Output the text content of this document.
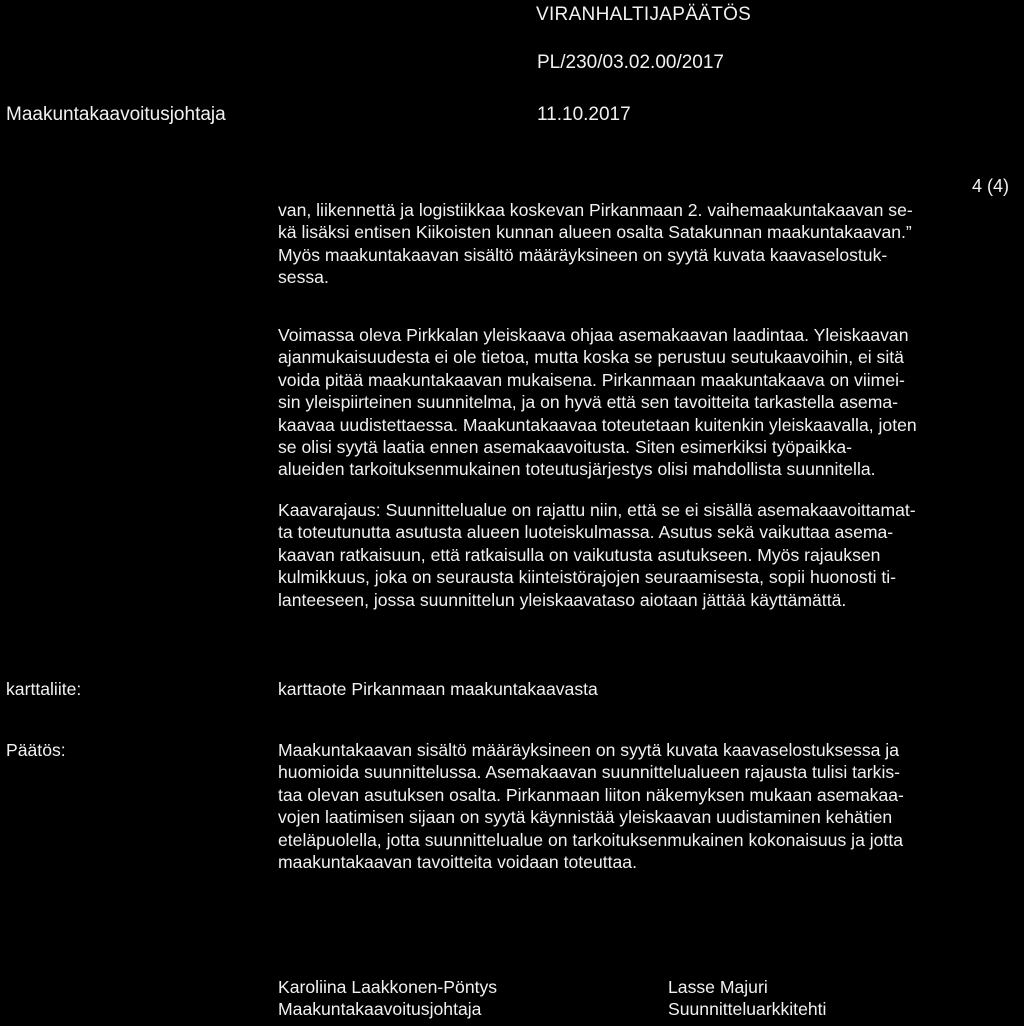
VIRANHALTIJAPÄÄTÖS
PL/230/03.02.00/2017
Maakuntakaavoitusjohtaja	11.10.2017
4 (4)
van, liikennettä ja logistiikkaa koskevan Pirkanmaan 2. vaihemaakuntakaavan se-
kä lisäksi entisen Kiikoisten kunnan alueen osalta Satakunnan maakuntakaavan.”
Myös maakuntakaavan sisältö määräyksineen on syytä kuvata kaavaselostuk-
sessa.
Voimassa oleva Pirkkalan yleiskaava ohjaa asemakaavan laadintaa. Yleiskaavan
ajanmukaisuudesta ei ole tietoa, mutta koska se perustuu seutukaavoihin, ei sitä
voida pitää maakuntakaavan mukaisena. Pirkanmaan maakuntakaava on viimei-
sin yleispiirteinen suunnitelma, ja on hyvä että sen tavoitteita tarkastella asema-
kaavaa uudistettaessa. Maakuntakaavaa toteutetaan kuitenkin yleiskaavalla, joten
se olisi syytä laatia ennen asemakaavoitusta. Siten esimerkiksi työpaikka-
alueiden tarkoituksenmukainen toteutusjärjestys olisi mahdollista suunnitella.
Kaavarajaus: Suunnittelualue on rajattu niin, että se ei sisällä asemakaavoittamat-
ta toteutunutta asutusta alueen luoteiskulmassa. Asutus sekä vaikuttaa asema-
kaavan ratkaisuun, että ratkaisulla on vaikutusta asutukseen. Myös rajauksen
kulmikkuus, joka on seurausta kiinteistörajojen seuraamisesta, sopii huonosti ti-
lanteeseen, jossa suunnittelun yleiskaavataso aiotaan jättää käyttämättä.
karttaliite:	karttaote Pirkanmaan maakuntakaavasta
Päätös:	Maakuntakaavan sisältö määräyksineen on syytä kuvata kaavaselostuksessa ja
huomioida suunnittelussa. Asemakaavan suunnittelualueen rajausta tulisi tarkis-
taa olevan asutuksen osalta. Pirkanmaan liiton näkemyksen mukaan asemakaa-
vojen laatimisen sijaan on syytä käynnistää yleiskaavan uudistaminen kehätien
eteläpuolella, jotta suunnittelualue on tarkoituksenmukainen kokonaisuus ja jotta
maakuntakaavan tavoitteita voidaan toteuttaa.
Karoliina Laakkonen-Pöntys
Maakuntakaavoitusjohtaja
Lasse Majuri
Suunnitteluarkkitehti
